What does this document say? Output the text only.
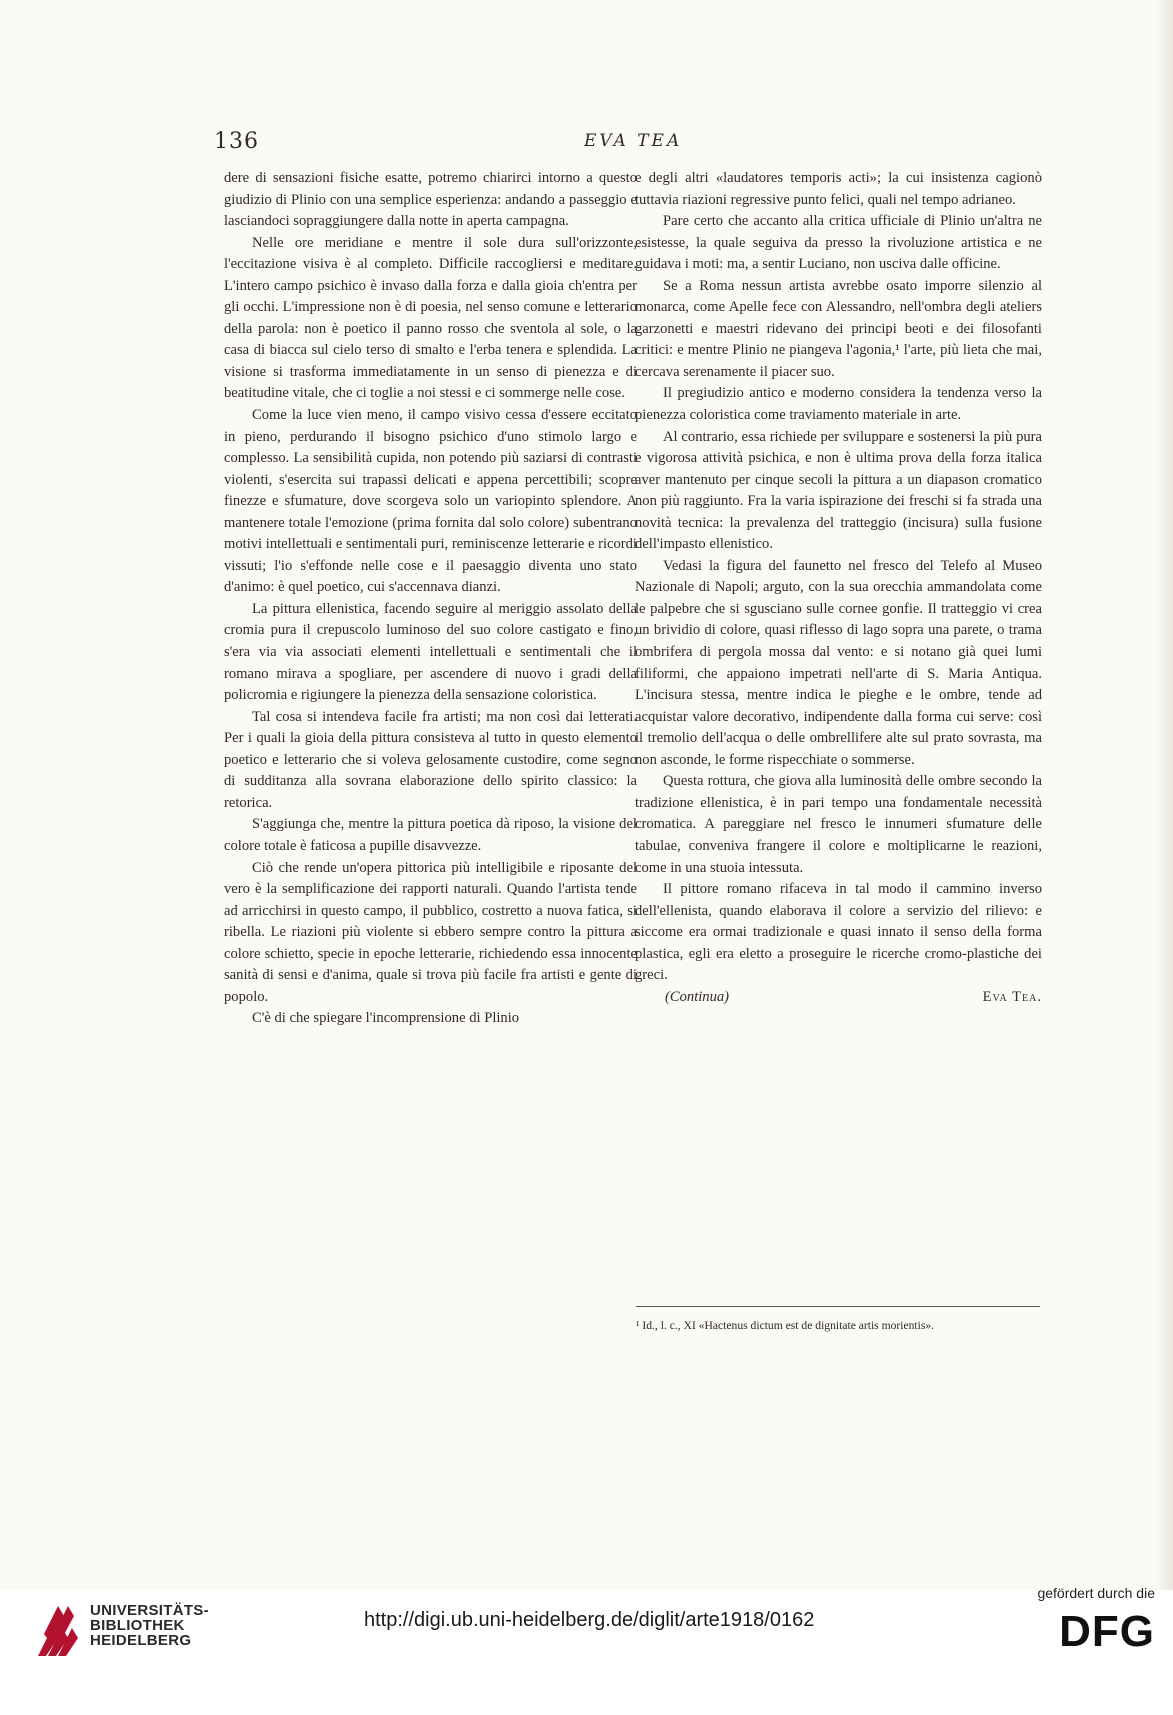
136	EVA TEA

dere di sensazioni fisiche esatte, potremo chiarirci intorno a questo giudizio di Plinio con una semplice esperienza: andando a passeggio e lasciandoci sopraggiungere dalla notte in aperta campagna.

Nelle ore meridiane e mentre il sole dura sull'orizzonte, l'eccitazione visiva è al completo. Difficile raccogliersi e meditare. L'intero campo psichico è invaso dalla forza e dalla gioia ch'entra per gli occhi. L'impressione non è di poesia, nel senso comune e letterario della parola: non è poetico il panno rosso che sventola al sole, o la casa di biacca sul cielo terso di smalto e l'erba tenera e splendida. La visione si trasforma immediatamente in un senso di pienezza e di beatitudine vitale, che ci toglie a noi stessi e ci sommerge nelle cose.

Come la luce vien meno, il campo visivo cessa d'essere eccitato in pieno, perdurando il bisogno psichico d'uno stimolo largo e complesso. La sensibilità cupida, non potendo più saziarsi di contrasti violenti, s'esercita sui trapassi delicati e appena percettibili; scopre finezze e sfumature, dove scorgeva solo un variopinto splendore. A mantenere totale l'emozione (prima fornita dal solo colore) subentrano motivi intellettuali e sentimentali puri, reminiscenze letterarie e ricordi vissuti; l'io s'effonde nelle cose e il paesaggio diventa uno stato d'animo: è quel poetico, cui s'accennava dianzi.

La pittura ellenistica, facendo seguire al meriggio assolato della cromia pura il crepuscolo luminoso del suo colore castigato e fino, s'era via via associati elementi intellettuali e sentimentali che il romano mirava a spogliare, per ascendere di nuovo i gradi della policromia e rigiungere la pienezza della sensazione coloristica.

Tal cosa si intendeva facile fra artisti; ma non così dai letterati. Per i quali la gioia della pittura consisteva al tutto in questo elemento poetico e letterario che si voleva gelosamente custodire, come segno di sudditanza alla sovrana elaborazione dello spirito classico: la retorica.

S'aggiunga che, mentre la pittura poetica dà riposo, la visione del colore totale è faticosa a pupille disavvezze.

Ciò che rende un'opera pittorica più intelligibile e riposante del vero è la semplificazione dei rapporti naturali. Quando l'artista tende ad arricchirsi in questo campo, il pubblico, costretto a nuova fatica, si ribella. Le riazioni più violente si ebbero sempre contro la pittura a colore schietto, specie in epoche letterarie, richiedendo essa innocente sanità di sensi e d'anima, quale si trova più facile fra artisti e gente di popolo.

C'è di che spiegare l'incomprensione di Plinio

e degli altri «laudatores temporis acti»; la cui insistenza cagionò tuttavia riazioni regressive punto felici, quali nel tempo adrianeo.

Pare certo che accanto alla critica ufficiale di Plinio un'altra ne esistesse, la quale seguiva da presso la rivoluzione artistica e ne guidava i moti: ma, a sentir Luciano, non usciva dalle officine.

Se a Roma nessun artista avrebbe osato imporre silenzio al monarca, come Apelle fece con Alessandro, nell'ombra degli ateliers garzonetti e maestri ridevano dei principi beoti e dei filosofanti critici: e mentre Plinio ne piangeva l'agonia,¹ l'arte, più lieta che mai, cercava serenamente il piacer suo.

Il pregiudizio antico e moderno considera la tendenza verso la pienezza coloristica come traviamento materiale in arte.

Al contrario, essa richiede per sviluppare e sostenersi la più pura e vigorosa attività psichica, e non è ultima prova della forza italica aver mantenuto per cinque secoli la pittura a un diapason cromatico non più raggiunto. Fra la varia ispirazione dei freschi si fa strada una novità tecnica: la prevalenza del tratteggio (incisura) sulla fusione dell'impasto ellenistico.

Vedasi la figura del faunetto nel fresco del Telefo al Museo Nazionale di Napoli; arguto, con la sua orecchia ammandolata come le palpebre che si sgusciano sulle cornee gonfie. Il tratteggio vi crea un brividio di colore, quasi riflesso di lago sopra una parete, o trama ombrifera di pergola mossa dal vento: e si notano già quei lumi filiformi, che appaiono impetrati nell'arte di S. Maria Antiqua. L'incisura stessa, mentre indica le pieghe e le ombre, tende ad acquistar valore decorativo, indipendente dalla forma cui serve: così il tremolio dell'acqua o delle ombrellifere alte sul prato sovrasta, ma non asconde, le forme rispecchiate o sommerse.

Questa rottura, che giova alla luminosità delle ombre secondo la tradizione ellenistica, è in pari tempo una fondamentale necessità cromatica. A pareggiare nel fresco le innumeri sfumature delle tabulae, conveniva frangere il colore e moltiplicarne le reazioni, come in una stuoia intessuta.

Il pittore romano rifaceva in tal modo il cammino inverso dell'ellenista, quando elaborava il colore a servizio del rilievo: e siccome era ormai tradizionale e quasi innato il senso della forma plastica, egli era eletto a proseguire le ricerche cromo-plastiche dei greci.

(Continua)	Eva Tea.
¹ Id., l. c., XI «Hactenus dictum est de dignitate artis morientis».
UNIVERSITÄTS-
BIBLIOTHEK
HEIDELBERG
http://digi.ub.uni-heidelberg.de/diglit/arte1918/0162
gefördert durch die
DFG
